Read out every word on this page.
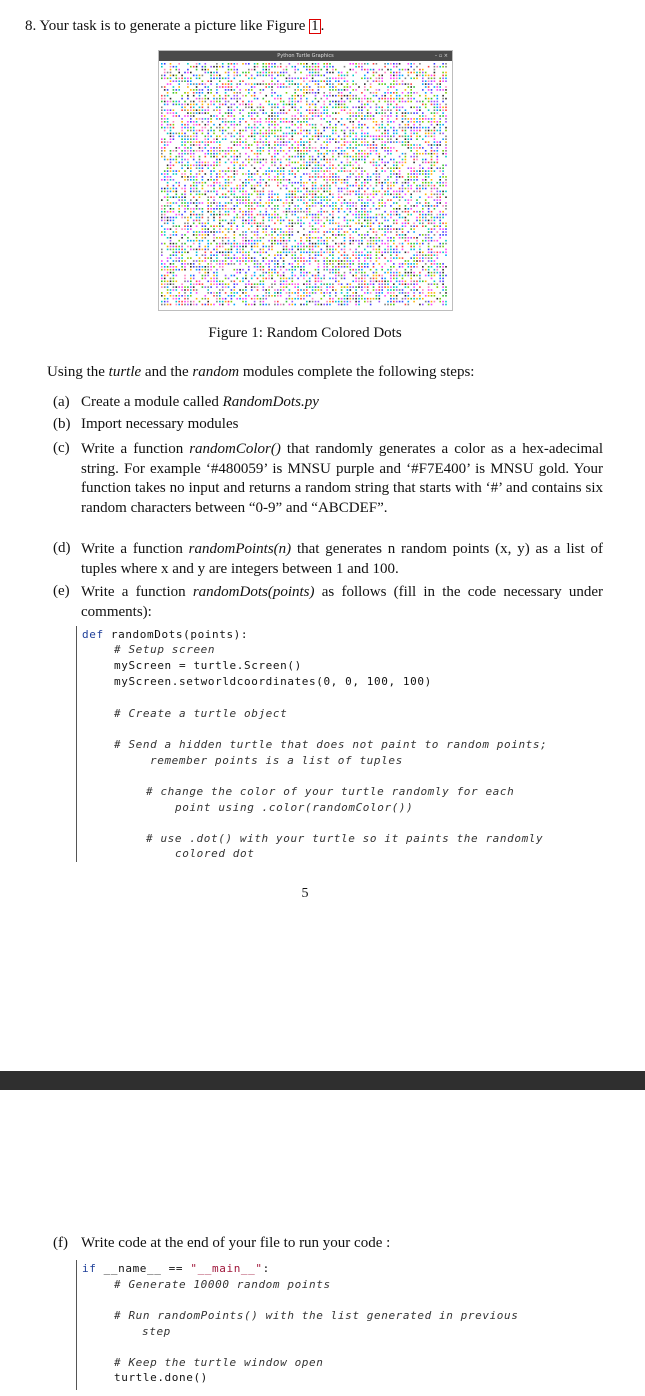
8. Your task is to generate a picture like Figure 1 .
Python Turtle Graphics	– ▫ ×
Figure 1: Random Colored Dots
Using the turtle and the random modules complete the following steps:
(a) Create a module called RandomDots.py
(b) Import necessary modules
(c) Write a function randomColor() that randomly generates a color as a hex-adecimal string. For example ‘#480059’ is MNSU purple and ‘#F7E400’ is MNSU gold. Your function takes no input and returns a random string that starts with ‘#’ and contains six random characters between “0-9” and “ABCDEF”.
(d) Write a function randomPoints(n) that generates n random points (x, y) as a list of tuples where x and y are integers between 1 and 100.
(e) Write a function randomDots(points) as follows (fill in the code necessary under comments):
def randomDots(points):
# Setup screen
myScreen = turtle.Screen()
myScreen.setworldcoordinates(0, 0, 100, 100)
# Create a turtle object
# Send a hidden turtle that does not paint to random points;
remember points is a list of tuples
# change the color of your turtle randomly for each
point using .color(randomColor())
# use .dot() with your turtle so it paints the randomly
colored dot
5
(f) Write code at the end of your file to run your code :
if __name__ == "__main__":
# Generate 10000 random points
# Run randomPoints() with the list generated in previous
step
# Keep the turtle window open
turtle.done()
